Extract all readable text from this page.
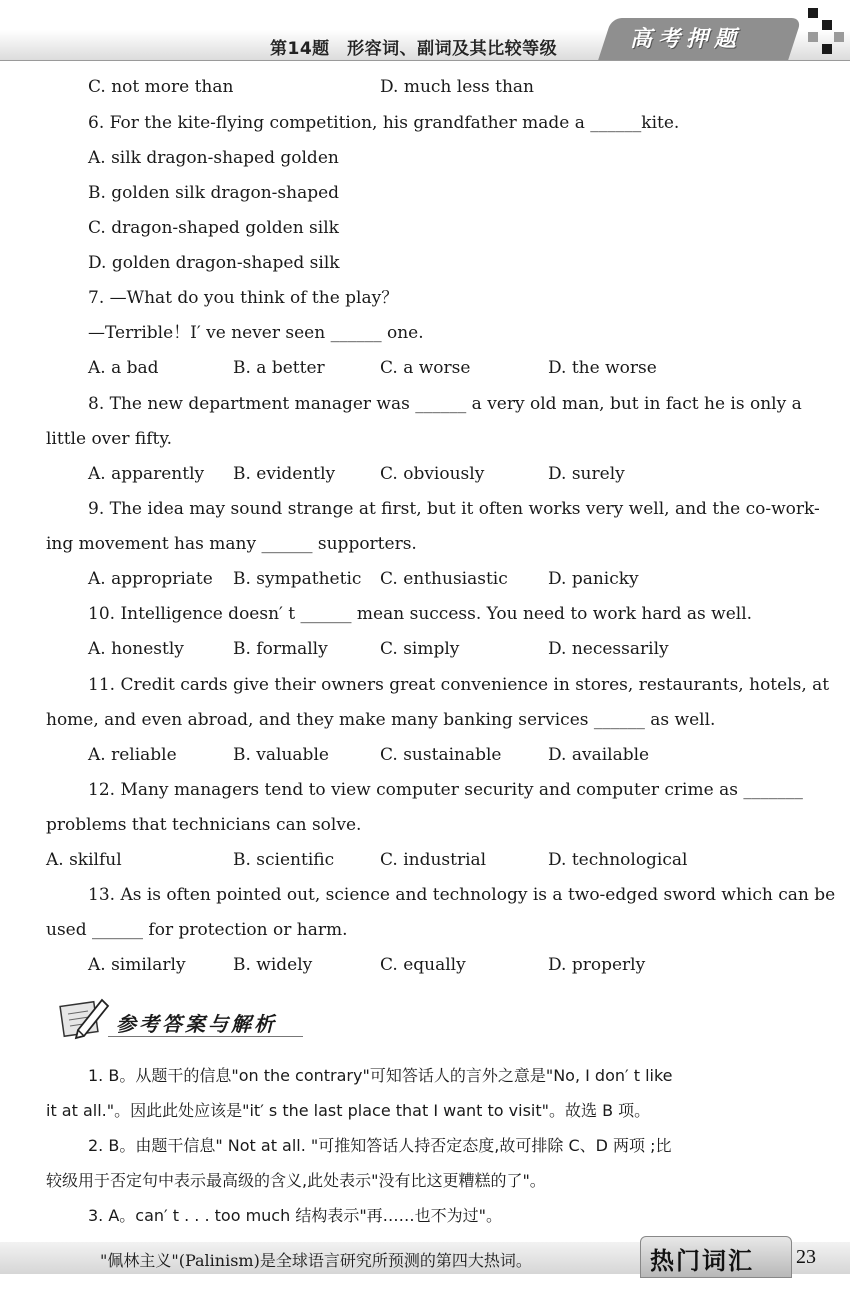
第14题　形容词、副词及其比较等级	高考押题
C. not more than	D. much less than
6. For the kite-flying competition, his grandfather made a ______kite.
A. silk dragon-shaped golden
B. golden silk dragon-shaped
C. dragon-shaped golden silk
D. golden dragon-shaped silk
7. —What do you think of the play？
—Terrible！I′ ve never seen ______ one.
A. a bad	B. a better	C. a worse	D. the worse
8. The new department manager was ______ a very old man, but in fact he is only a
little over fifty.
A. apparently B. evidently	C. obviously	D. surely
9. The idea may sound strange at first, but it often works very well, and the co-work-
ing movement has many ______ supporters.
A. appropriate B. sympathetic C. enthusiastic D. panicky
10. Intelligence doesn′ t ______ mean success. You need to work hard as well.
A. honestly	B. formally	C. simply	D. necessarily
11. Credit cards give their owners great convenience in stores, restaurants, hotels, at
home, and even abroad, and they make many banking services ______ as well.
A. reliable	B. valuable	C. sustainable	D. available
12. Many managers tend to view computer security and computer crime as _______
problems that technicians can solve.
A. skilful	B. scientific	C. industrial	D. technological
13. As is often pointed out, science and technology is a two-edged sword which can be
used ______ for protection or harm.
A. similarly	B. widely	C. equally	D. properly
参考答案与解析
1. B。从题干的信息"on the contrary"可知答话人的言外之意是"No, I don′ t like
it at all."。因此此处应该是"it′ s the last place that I want to visit"。故选 B 项。
2. B。由题干信息" Not at all. "可推知答话人持否定态度,故可排除 C、D 两项 ;比
较级用于否定句中表示最高级的含义,此处表示"没有比这更糟糕的了"。
3. A。can′ t . . . too much 结构表示"再……也不为过"。
"佩林主义"(Palinism)是全球语言研究所预测的第四大热词。	热门词汇 23
